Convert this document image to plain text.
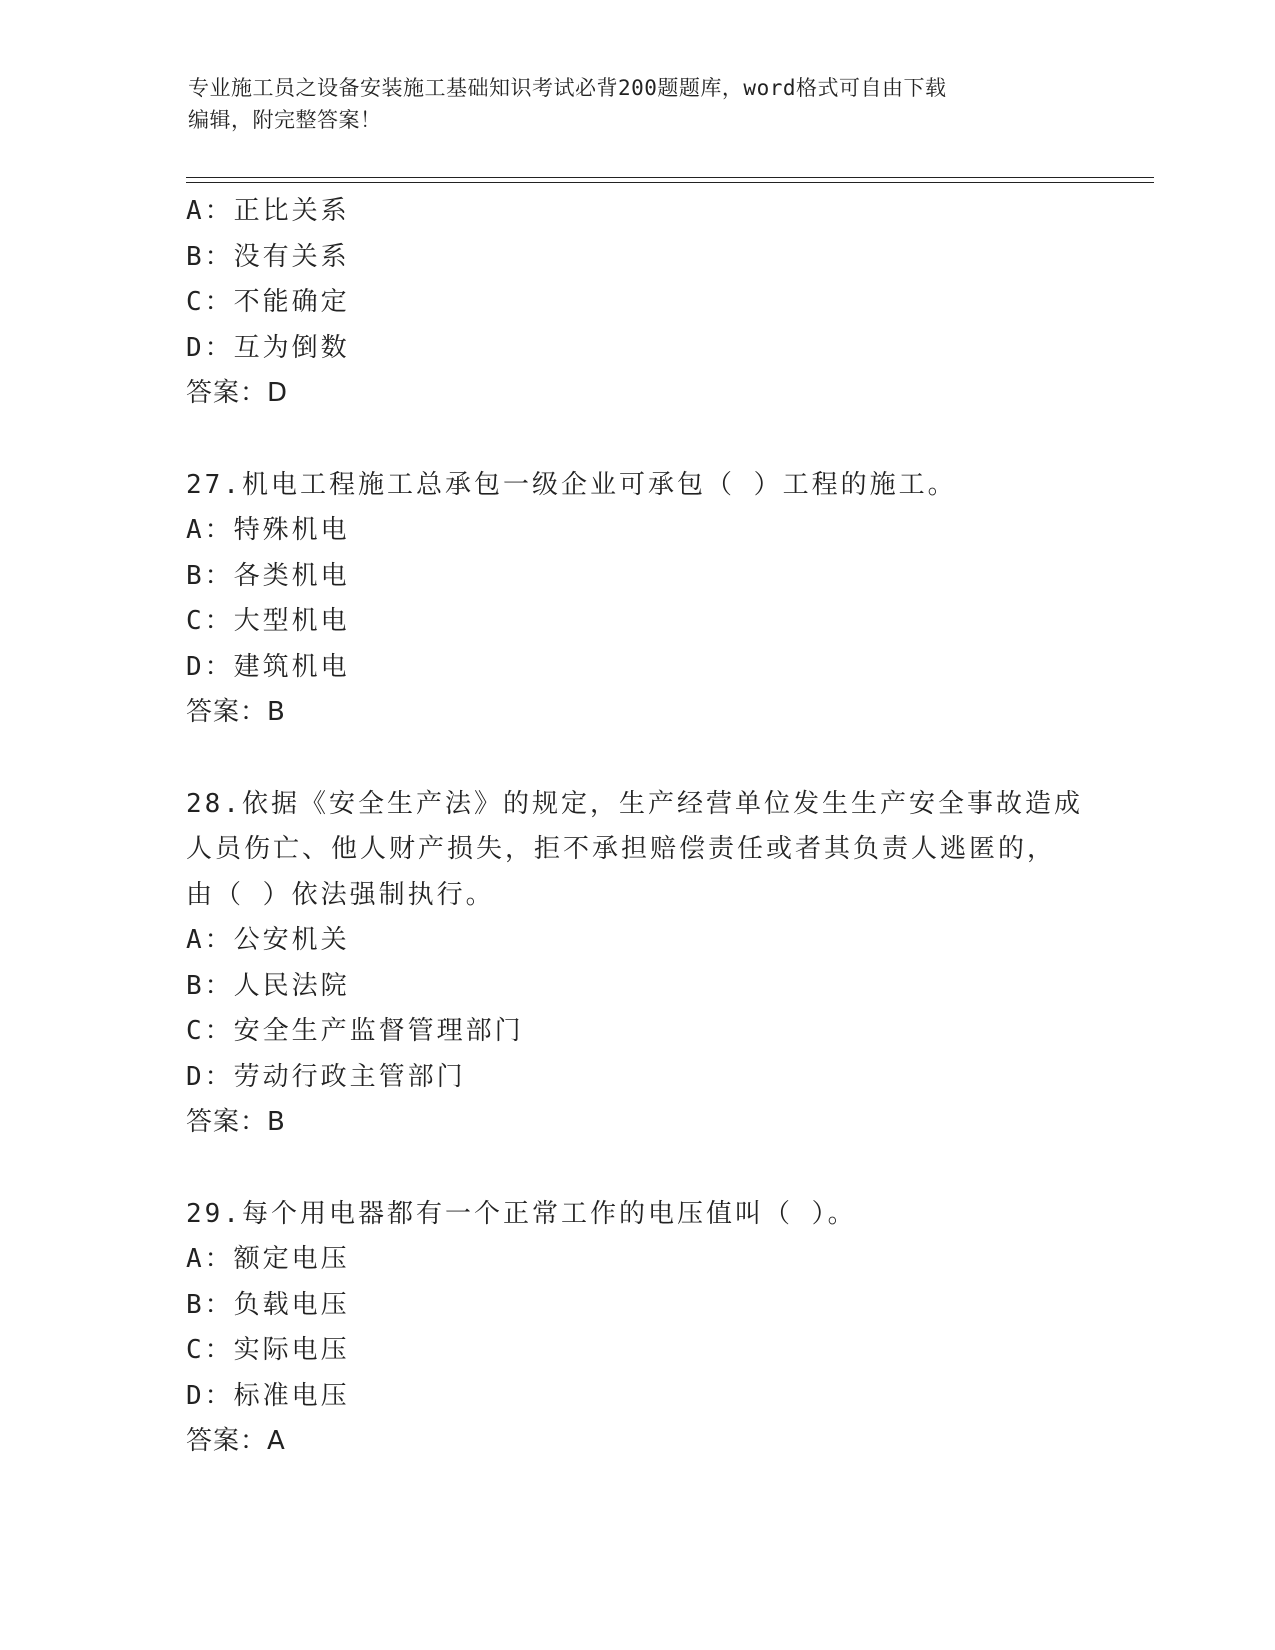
专业施工员之设备安装施工基础知识考试必背200题题库，word格式可自由下载
编辑，附完整答案！
A：正比关系
B：没有关系
C：不能确定
D：互为倒数
答案：D
27.机电工程施工总承包一级企业可承包（ ）工程的施工。
A：特殊机电
B：各类机电
C：大型机电
D：建筑机电
答案：B
28.依据《安全生产法》的规定，生产经营单位发生生产安全事故造成
人员伤亡、他人财产损失，拒不承担赔偿责任或者其负责人逃匿的，
由（ ）依法强制执行。
A：公安机关
B：人民法院
C：安全生产监督管理部门
D：劳动行政主管部门
答案：B
29.每个用电器都有一个正常工作的电压值叫（ ）。
A：额定电压
B：负载电压
C：实际电压
D：标准电压
答案：A
